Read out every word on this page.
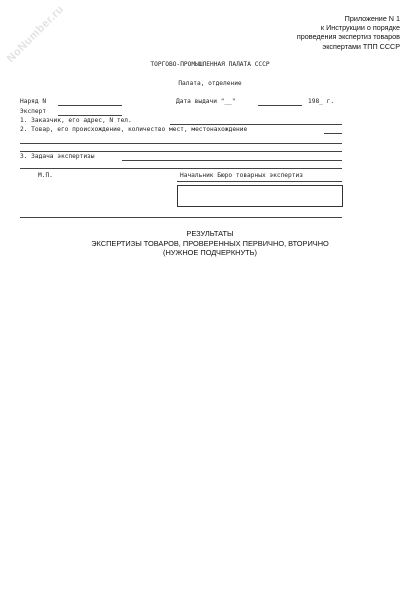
NoNumber.ru	Приложение N 1
к Инструкции о порядке
проведения экспертиз товаров
экспертами ТПП СССР
ТОРГОВО-ПРОМЫШЛЕННАЯ ПАЛАТА СССР
Палата, отделение
Наряд N	Дата выдачи "__"	198_ г.
Эксперт
1. Заказчик, его адрес, N тел.
2. Товар, его происхождение, количество мест, местонахождение
3. Задача экспертизы
М.П.	Начальник Бюро товарных экспертиз
РЕЗУЛЬТАТЫ
ЭКСПЕРТИЗЫ ТОВАРОВ, ПРОВЕРЕННЫХ ПЕРВИЧНО, ВТОРИЧНО
(НУЖНОЕ ПОДЧЕРКНУТЬ)
